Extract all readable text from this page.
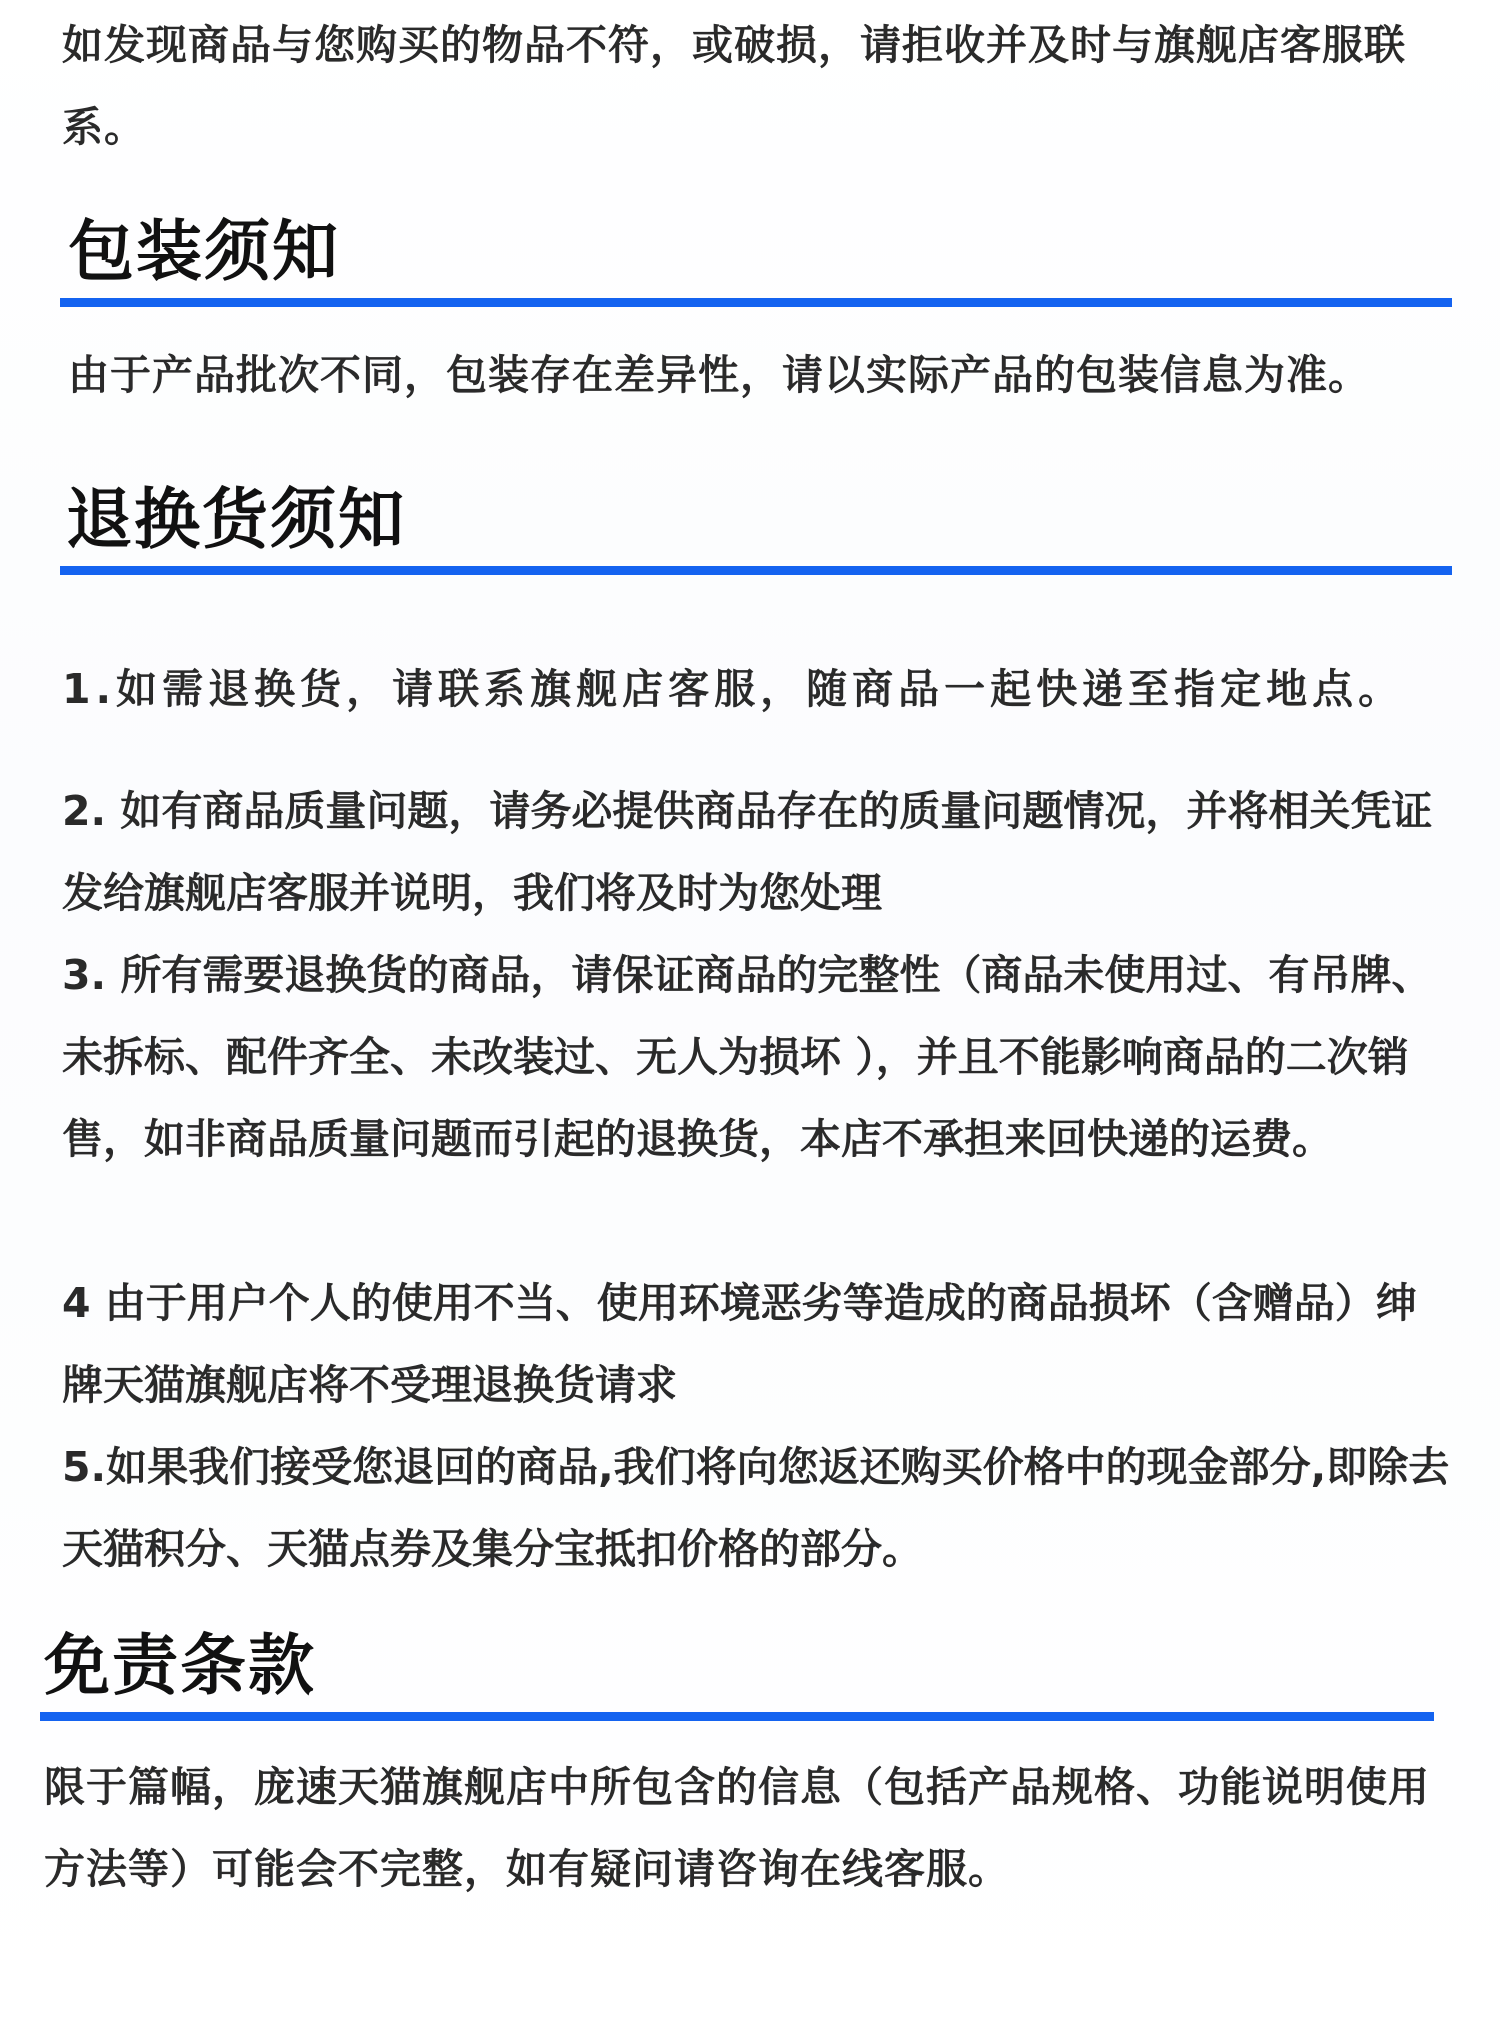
如发现商品与您购买的物品不符，或破损，请拒收并及时与旗舰店客服联系。

包装须知

由于产品批次不同，包装存在差异性，请以实际产品的包装信息为准。

退换货须知

1.如需退换货，请联系旗舰店客服，随商品一起快递至指定地点。

2. 如有商品质量问题，请务必提供商品存在的质量问题情况，并将相关凭证发给旗舰店客服并说明，我们将及时为您处理

3. 所有需要退换货的商品，请保证商品的完整性（商品未使用过、有吊牌、未拆标、配件齐全、未改装过、无人为损坏 ），并且不能影响商品的二次销售，如非商品质量问题而引起的退换货，本店不承担来回快递的运费。

4 由于用户个人的使用不当、使用环境恶劣等造成的商品损坏（含赠品）绅牌天猫旗舰店将不受理退换货请求

5.如果我们接受您退回的商品,我们将向您返还购买价格中的现金部分,即除去天猫积分、天猫点券及集分宝抵扣价格的部分。

免责条款

限于篇幅，庞速天猫旗舰店中所包含的信息（包括产品规格、功能说明使用方法等）可能会不完整，如有疑问请咨询在线客服。
